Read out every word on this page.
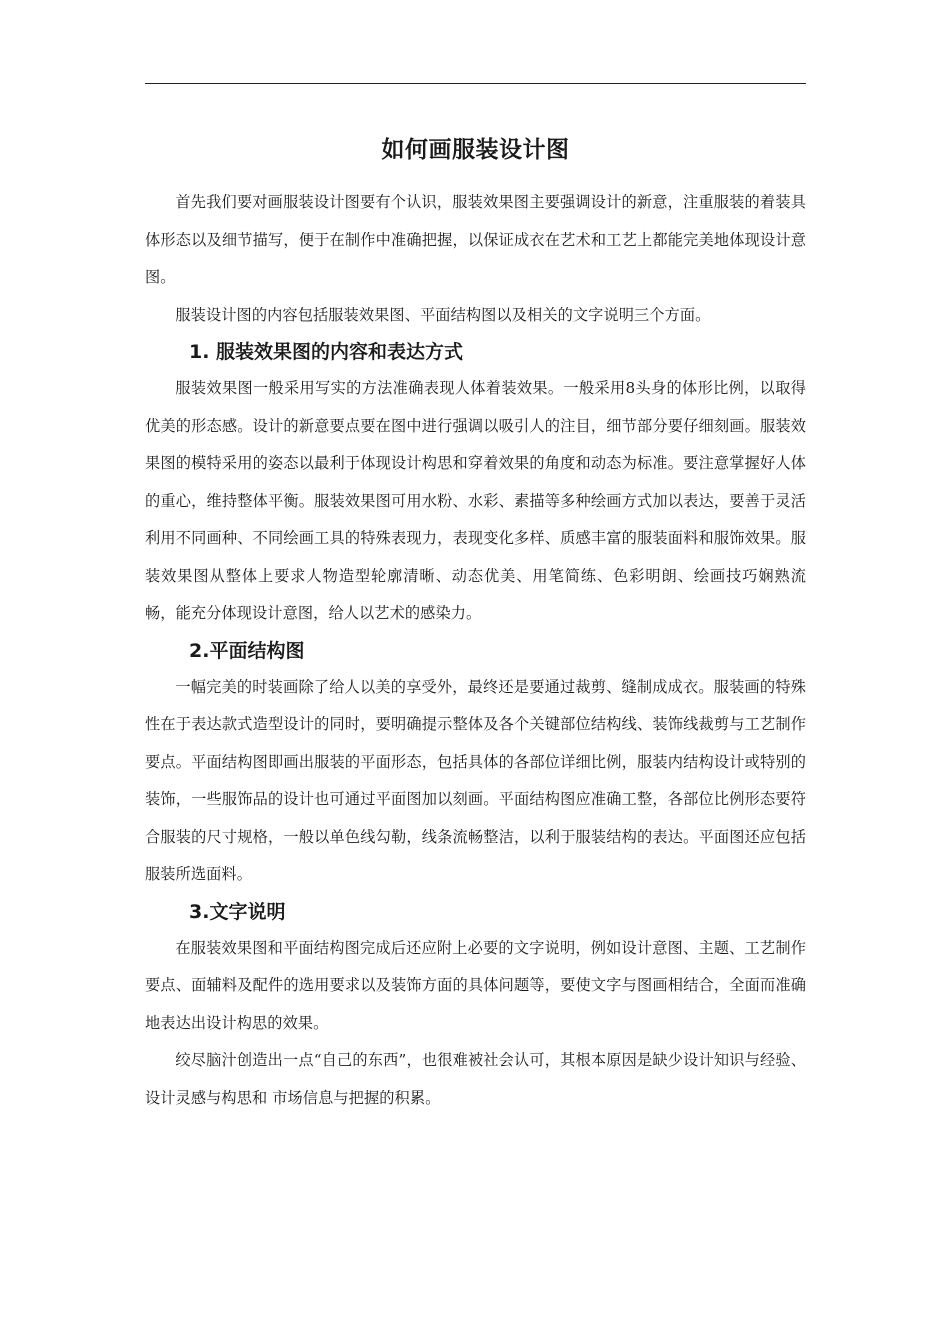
如何画服装设计图

首先我们要对画服装设计图要有个认识，服装效果图主要强调设计的新意，注重服装的着装具体形态以及细节描写，便于在制作中准确把握，以保证成衣在艺术和工艺上都能完美地体现设计意图。

服装设计图的内容包括服装效果图、平面结构图以及相关的文字说明三个方面。

1. 服装效果图的内容和表达方式

服装效果图一般采用写实的方法准确表现人体着装效果。一般采用8头身的体形比例，以取得优美的形态感。设计的新意要点要在图中进行强调以吸引人的注目，细节部分要仔细刻画。服装效果图的模特采用的姿态以最利于体现设计构思和穿着效果的角度和动态为标准。要注意掌握好人体的重心，维持整体平衡。服装效果图可用水粉、水彩、素描等多种绘画方式加以表达，要善于灵活利用不同画种、不同绘画工具的特殊表现力，表现变化多样、质感丰富的服装面料和服饰效果。服装效果图从整体上要求人物造型轮廓清晰、动态优美、用笔简练、色彩明朗、绘画技巧娴熟流 畅，能充分体现设计意图，给人以艺术的感染力。

2.平面结构图

一幅完美的时装画除了给人以美的享受外，最终还是要通过裁剪、缝制成成衣。服装画的特殊性在于表达款式造型设计的同时，要明确提示整体及各个关键部位结构线、装饰线裁剪与工艺制作要点。平面结构图即画出服装的平面形态，包括具体的各部位详细比例，服装内结构设计或特别的装饰，一些服饰品的设计也可通过平面图加以刻画。平面结构图应准确工整，各部位比例形态要符合服装的尺寸规格，一般以单色线勾勒，线条流畅整洁，以利于服装结构的表达。平面图还应包括服装所选面料。

3.文字说明

在服装效果图和平面结构图完成后还应附上必要的文字说明，例如设计意图、主题、工艺制作要点、面辅料及配件的选用要求以及装饰方面的具体问题等，要使文字与图画相结合，全面而准确地表达出设计构思的效果。

绞尽脑汁创造出一点“自己的东西”，也很难被社会认可，其根本原因是缺少设计知识与经验、设计灵感与构思和 市场信息与把握的积累。
